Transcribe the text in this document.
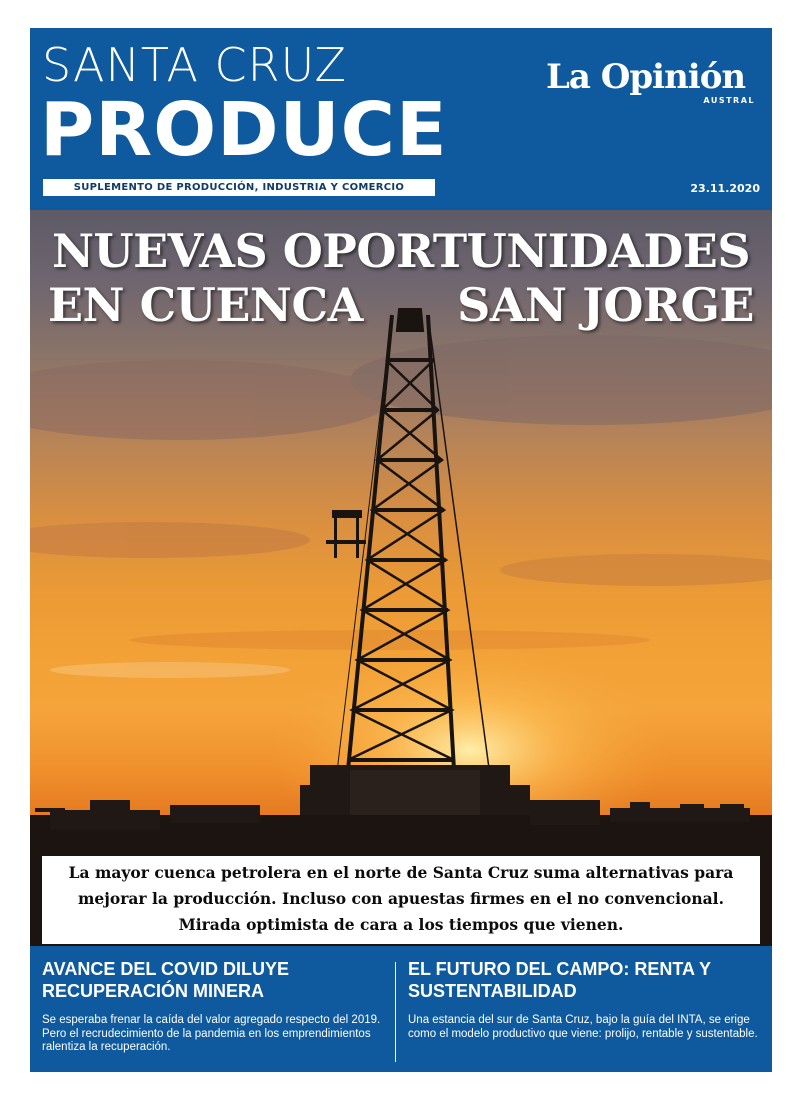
SANTA CRUZ
PRODUCE
SUPLEMENTO DE PRODUCCIÓN, INDUSTRIA Y COMERCIO
La Opinión
AUSTRAL
23.11.2020
NUEVAS OPORTUNIDADES
EN CUENCA SAN JORGE
La mayor cuenca petrolera en el norte de Santa Cruz suma alternativas para mejorar la producción. Incluso con apuestas firmes en el no convencional. Mirada optimista de cara a los tiempos que vienen.
AVANCE DEL COVID DILUYE RECUPERACIÓN MINERA

Se esperaba frenar la caída del valor agregado respecto del 2019. Pero el recrudecimiento de la pandemia en los emprendimientos ralentiza la recuperación.

EL FUTURO DEL CAMPO: RENTA Y SUSTENTABILIDAD

Una estancia del sur de Santa Cruz, bajo la guía del INTA, se erige como el modelo productivo que viene: prolijo, rentable y sustentable.
